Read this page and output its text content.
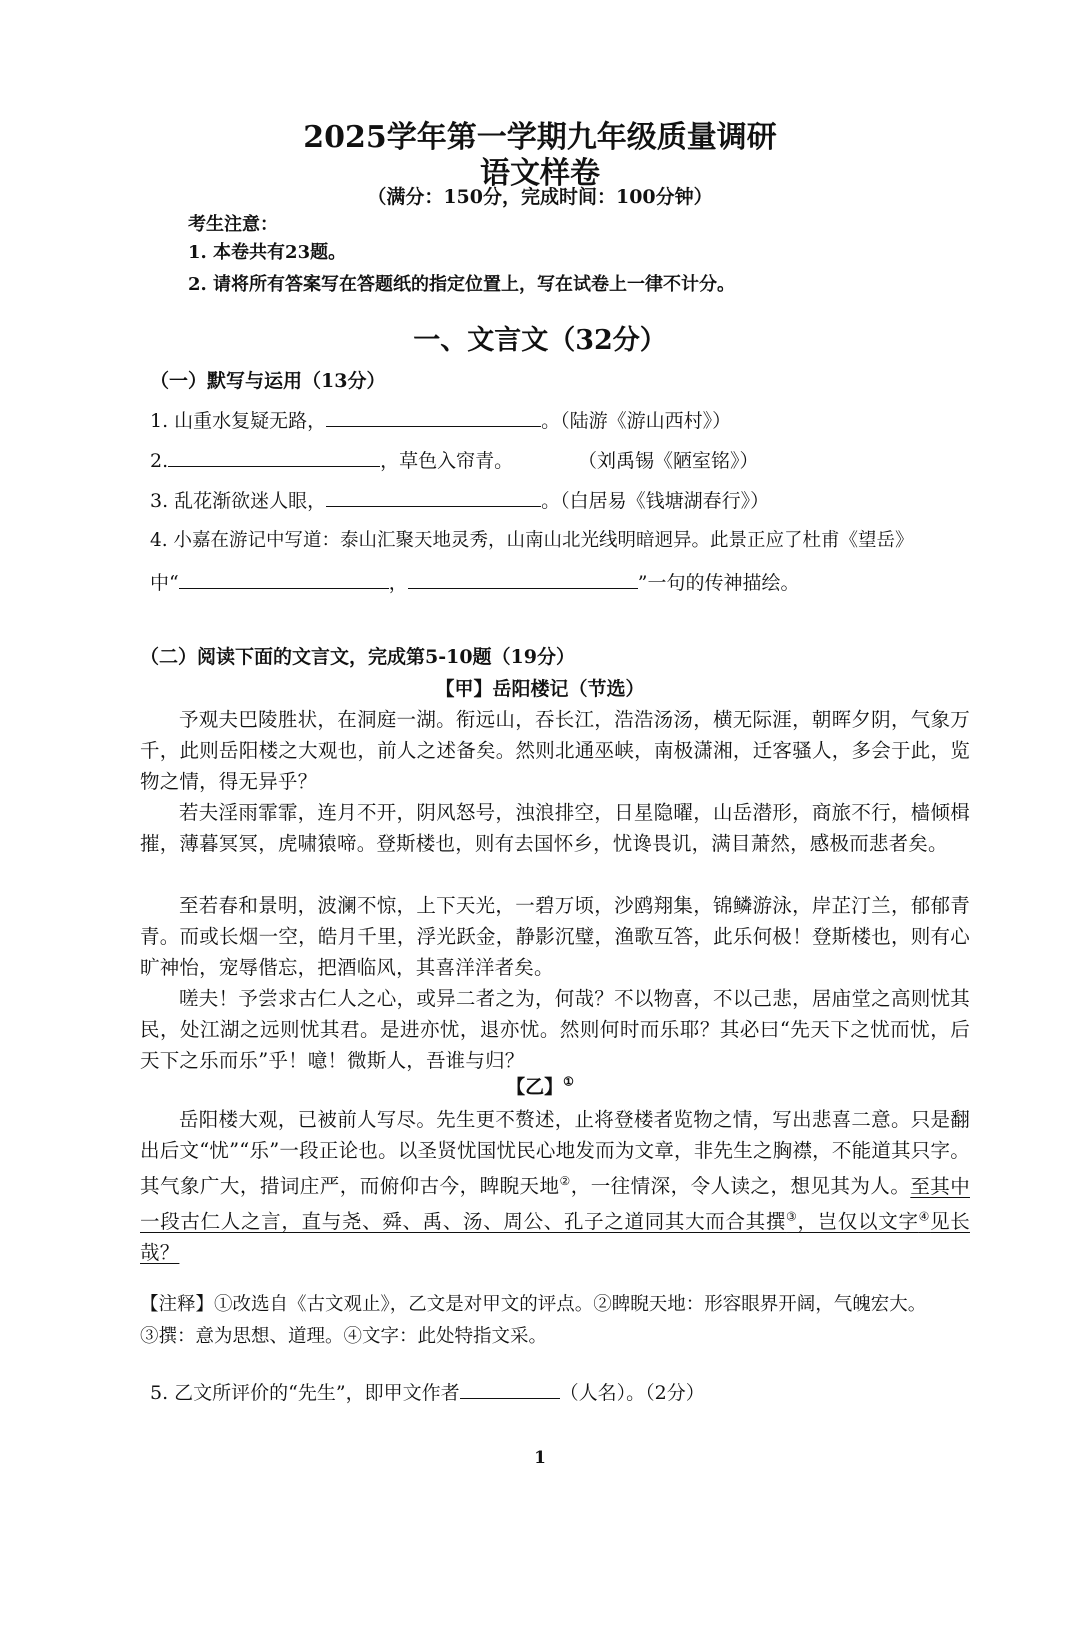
2025学年第一学期九年级质量调研
语文样卷
（满分：150分，完成时间：100分钟）
考生注意：
1. 本卷共有23题。
2. 请将所有答案写在答题纸的指定位置上，写在试卷上一律不计分。
一、文言文（32分）
（一）默写与运用（13分）
1. 山重水复疑无路，	。（陆游《游山西村》）
2.	，草色入帘青。	（刘禹锡《陋室铭》）
3. 乱花渐欲迷人眼，	。（白居易《钱塘湖春行》）
4. 小嘉在游记中写道：泰山汇聚天地灵秀，山南山北光线明暗迥异。此景正应了杜甫《望岳》
中“	，	”一句的传神描绘。
（二）阅读下面的文言文，完成第5-10题（19分）
【甲】岳阳楼记（节选）
予观夫巴陵胜状，在洞庭一湖。衔远山，吞长江，浩浩汤汤，横无际涯，朝晖夕阴，气象万千，此则岳阳楼之大观也，前人之述备矣。然则北通巫峡，南极潇湘，迁客骚人，多会于此，览物之情，得无异乎？
若夫淫雨霏霏，连月不开，阴风怒号，浊浪排空，日星隐曜，山岳潜形，商旅不行，樯倾楫摧，薄暮冥冥，虎啸猿啼。登斯楼也，则有去国怀乡，忧谗畏讥，满目萧然，感极而悲者矣。
至若春和景明，波澜不惊，上下天光，一碧万顷，沙鸥翔集，锦鳞游泳，岸芷汀兰，郁郁青青。而或长烟一空，皓月千里，浮光跃金，静影沉璧，渔歌互答，此乐何极！登斯楼也，则有心旷神怡，宠辱偕忘，把酒临风，其喜洋洋者矣。
嗟夫！予尝求古仁人之心，或异二者之为，何哉？不以物喜，不以己悲，居庙堂之高则忧其民，处江湖之远则忧其君。是进亦忧，退亦忧。然则何时而乐耶？其必曰“先天下之忧而忧，后天下之乐而乐”乎！噫！微斯人，吾谁与归？
【乙】①
岳阳楼大观，已被前人写尽。先生更不赘述，止将登楼者览物之情，写出悲喜二意。只是翻出后文“忧”“乐”一段正论也。以圣贤忧国忧民心地发而为文章，非先生之胸襟，不能道其只字。其气象广大，措词庄严，而俯仰古今，睥睨天地②，一往情深，令人读之，想见其为人。至其中一段古仁人之言，直与尧、舜、禹、汤、周公、孔子之道同其大而合其撰③，岂仅以文字④见长哉？
【注释】①改选自《古文观止》，乙文是对甲文的评点。②睥睨天地：形容眼界开阔，气魄宏大。
③撰：意为思想、道理。④文字：此处特指文采。
5. 乙文所评价的“先生”，即甲文作者	（人名）。（2分）
1
